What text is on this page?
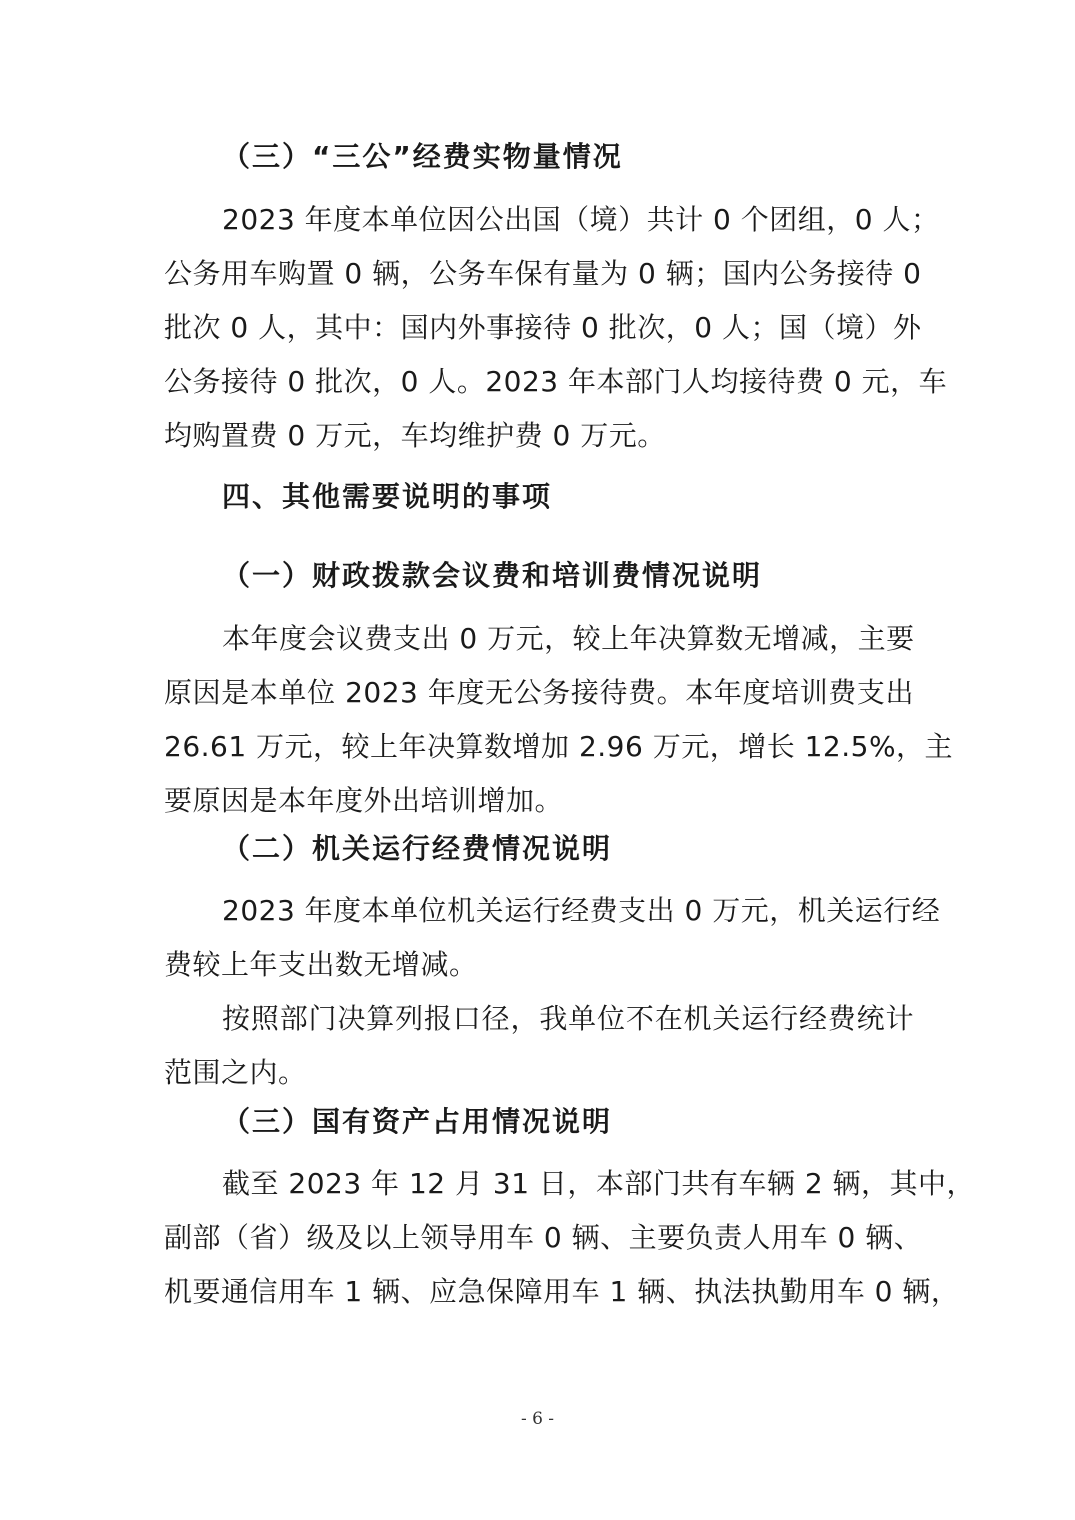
（三）“三公”经费实物量情况
2023 年度本单位因公出国（境）共计 0 个团组，0 人；
公务用车购置 0 辆，公务车保有量为 0 辆；国内公务接待 0
批次 0 人，其中：国内外事接待 0 批次，0 人；国（境）外
公务接待 0 批次，0 人。2023 年本部门人均接待费 0 元，车
均购置费 0 万元，车均维护费 0 万元。
四、其他需要说明的事项
（一）财政拨款会议费和培训费情况说明
本年度会议费支出 0 万元，较上年决算数无增减，主要
原因是本单位 2023 年度无公务接待费。本年度培训费支出
26.61 万元，较上年决算数增加 2.96 万元，增长 12.5%，主
要原因是本年度外出培训增加。
（二）机关运行经费情况说明
2023 年度本单位机关运行经费支出 0 万元，机关运行经
费较上年支出数无增减。
按照部门决算列报口径，我单位不在机关运行经费统计
范围之内。
（三）国有资产占用情况说明
截至 2023 年 12 月 31 日，本部门共有车辆 2 辆，其中，
副部（省）级及以上领导用车 0 辆、主要负责人用车 0 辆、
机要通信用车 1 辆、应急保障用车 1 辆、执法执勤用车 0 辆，
- 6 -
